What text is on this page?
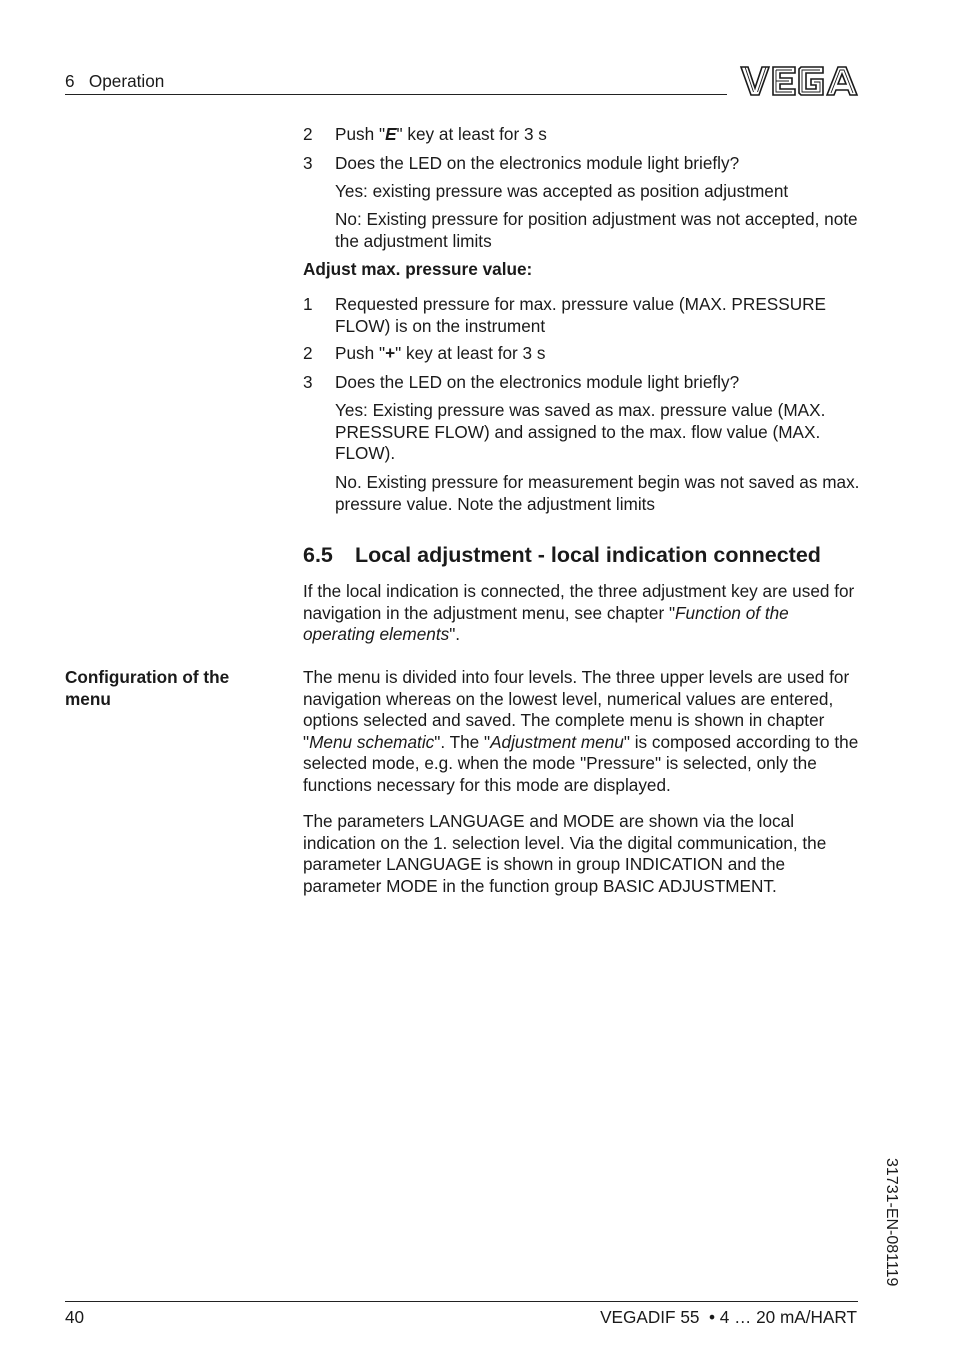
6   Operation
2 Push "E" key at least for 3 s
3 Does the LED on the electronics module light briefly?
Yes: existing pressure was accepted as position adjustment
No: Existing pressure for position adjustment was not accepted, note the adjustment limits
Adjust max. pressure value:
1 Requested pressure for max. pressure value (MAX. PRESSURE FLOW) is on the instrument
2 Push "+" key at least for 3 s
3 Does the LED on the electronics module light briefly?
Yes: Existing pressure was saved as max. pressure value (MAX. PRESSURE FLOW) and assigned to the max. flow value (MAX. FLOW).
No. Existing pressure for measurement begin was not saved as max. pressure value. Note the adjustment limits
6.5 Local adjustment - local indication connected
If the local indication is connected, the three adjustment key are used for navigation in the adjustment menu, see chapter "Function of the operating elements".
Configuration of the menu
The menu is divided into four levels. The three upper levels are used for navigation whereas on the lowest level, numerical values are entered, options selected and saved. The complete menu is shown in chapter "Menu schematic". The "Adjustment menu" is composed according to the selected mode, e.g. when the mode "Pressure" is selected, only the functions necessary for this mode are displayed.
The parameters LANGUAGE and MODE are shown via the local indication on the 1. selection level. Via the digital communication, the parameter LANGUAGE is shown in group INDICATION and the parameter MODE in the function group BASIC ADJUSTMENT.
31731-EN-081119
40	VEGADIF 55  • 4 … 20 mA/HART
